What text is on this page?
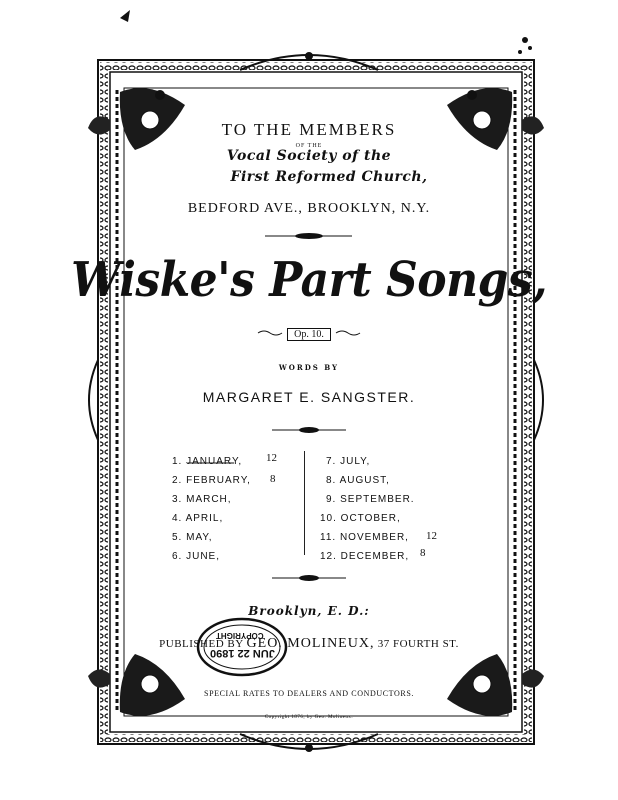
TO THE MEMBERS
OF THE
Vocal Society of the
First Reformed Church,
BEDFORD AVE., BROOKLYN, N.Y.
Wiske's Part Songs,
Op. 10.
WORDS BY
MARGARET E. SANGSTER.
1. JANUARY, 12
2. FEBRUARY, 8
3. MARCH,
4. APRIL,
5. MAY,
6. JUNE,
7. JULY,
8. AUGUST,
9. SEPTEMBER.
10. OCTOBER,
11. NOVEMBER, 12
12. DECEMBER, 8
Brooklyn, E. D.:
PUBLISHED BY GEO. MOLINEUX, 37 FOURTH ST.
JUN 22 1890
COPYRIGHT
SPECIAL RATES TO DEALERS AND CONDUCTORS.
Copyright 1876, by Geo. Molineux.
